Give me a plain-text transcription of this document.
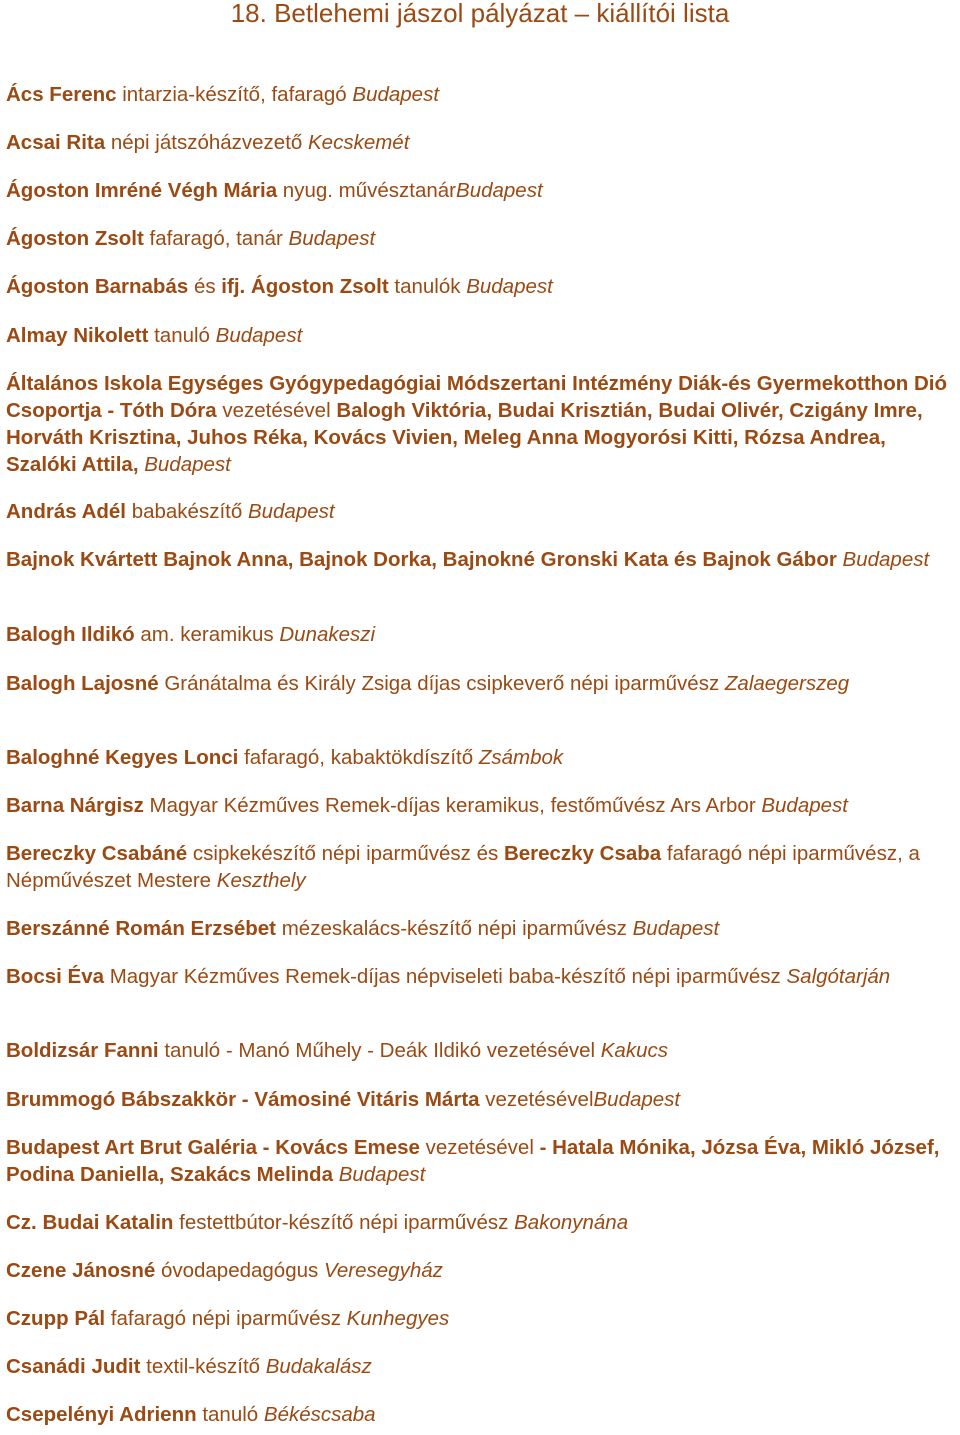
18. Betlehemi jászol pályázat – kiállítói lista

Ács Ferenc intarzia-készítő, fafaragó Budapest

Acsai Rita népi játszóházvezető Kecskemét

Ágoston Imréné Végh Mária nyug. művésztanárBudapest

Ágoston Zsolt fafaragó, tanár Budapest

Ágoston Barnabás és ifj. Ágoston Zsolt tanulók Budapest

Almay Nikolett tanuló Budapest

Általános Iskola Egységes Gyógypedagógiai Módszertani Intézmény Diák-és Gyermekotthon Dió Csoportja - Tóth Dóra vezetésével Balogh Viktória, Budai Krisztián, Budai Olivér, Czigány Imre, Horváth Krisztina, Juhos Réka, Kovács Vivien, Meleg Anna Mogyorósi Kitti, Rózsa Andrea, Szalóki Attila, Budapest

András Adél babakészítő Budapest

Bajnok Kvártett Bajnok Anna, Bajnok Dorka, Bajnokné Gronski Kata és Bajnok Gábor Budapest

Balogh Ildikó am. keramikus Dunakeszi

Balogh Lajosné Gránátalma és Király Zsiga díjas csipkeverő népi iparművész Zalaegerszeg

Baloghné Kegyes Lonci fafaragó, kabaktökdíszítő Zsámbok

Barna Nárgisz Magyar Kézműves Remek-díjas keramikus, festőművész Ars Arbor Budapest

Bereczky Csabáné csipkekészítő népi iparművész és Bereczky Csaba fafaragó népi iparművész, a Népművészet Mestere Keszthely

Berszánné Román Erzsébet mézeskalács-készítő népi iparművész Budapest

Bocsi Éva Magyar Kézműves Remek-díjas népviseleti baba-készítő népi iparművész Salgótarján

Boldizsár Fanni tanuló - Manó Műhely - Deák Ildikó vezetésével Kakucs

Brummogó Bábszakkör - Vámosiné Vitáris Márta vezetésévelBudapest

Budapest Art Brut Galéria - Kovács Emese vezetésével - Hatala Mónika, Józsa Éva, Mikló József, Podina Daniella, Szakács Melinda Budapest

Cz. Budai Katalin festettbútor-készítő népi iparművész Bakonynána

Czene Jánosné óvodapedagógus Veresegyház

Czupp Pál fafaragó népi iparművész Kunhegyes

Csanádi Judit textil-készítő Budakalász

Csepelényi Adrienn tanuló Békéscsaba
